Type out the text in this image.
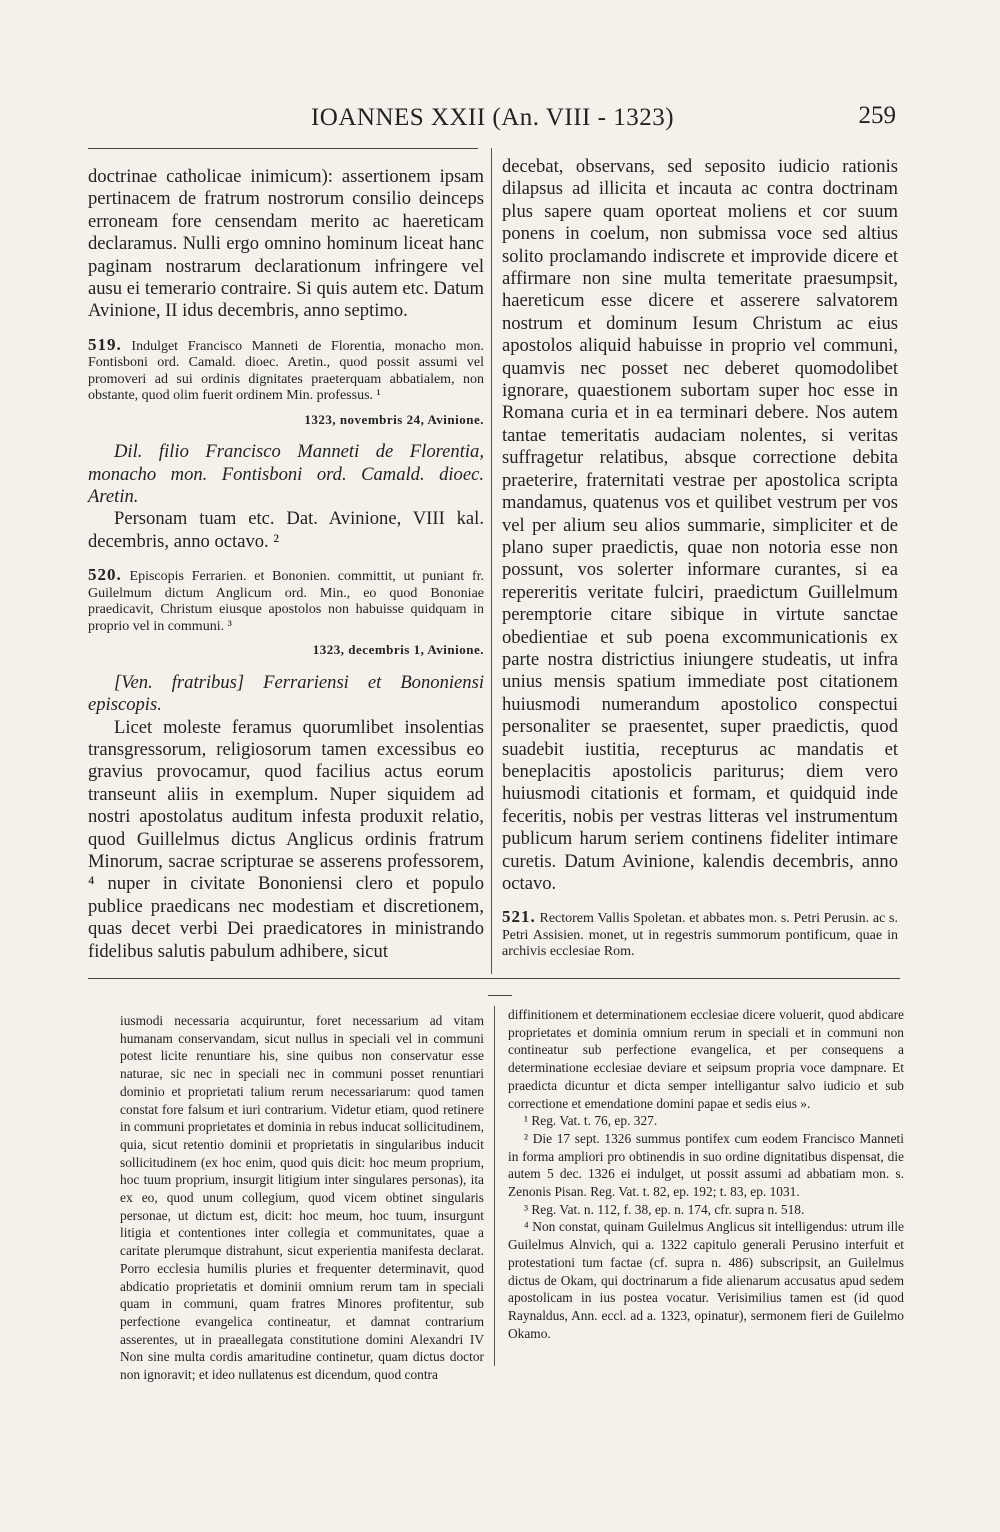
IOANNES XXII (An. VIII - 1323)	259

doctrinae catholicae inimicum): assertionem ipsam pertinacem de fratrum nostrorum consilio deinceps erroneam fore censendam merito ac haereticam declaramus. Nulli ergo omnino hominum liceat hanc paginam nostrarum declarationum infringere vel ausu ei temerario contraire. Si quis autem etc. Datum Avinione, II idus decembris, anno septimo.

519. Indulget Francisco Manneti de Florentia, monacho mon. Fontisboni ord. Camald. dioec. Aretin., quod possit assumi vel promoveri ad sui ordinis dignitates praeterquam abbatialem, non obstante, quod olim fuerit ordinem Min. professus. ¹
1323, novembris 24, Avinione.

Dil. filio Francisco Manneti de Florentia, monacho mon. Fontisboni ord. Camald. dioec. Aretin.

Personam tuam etc. Dat. Avinione, VIII kal. decembris, anno octavo. ²

520. Episcopis Ferrarien. et Bononien. committit, ut puniant fr. Guilelmum dictum Anglicum ord. Min., eo quod Bononiae praedicavit, Christum eiusque apostolos non habuisse quidquam in proprio vel in communi. ³
1323, decembris 1, Avinione.

[Ven. fratribus] Ferrariensi et Bononiensi episcopis.

Licet moleste feramus quorumlibet insolentias transgressorum, religiosorum tamen excessibus eo gravius provocamur, quod facilius actus eorum transeunt aliis in exemplum. Nuper siquidem ad nostri apostolatus auditum infesta produxit relatio, quod Guillelmus dictus Anglicus ordinis fratrum Minorum, sacrae scripturae se asserens professorem, ⁴ nuper in civitate Bononiensi clero et populo publice praedicans nec modestiam et discretionem, quas decet verbi Dei praedicatores in ministrando fidelibus salutis pabulum adhibere, sicut

decebat, observans, sed seposito iudicio rationis dilapsus ad illicita et incauta ac contra doctrinam plus sapere quam oporteat moliens et cor suum ponens in coelum, non submissa voce sed altius solito proclamando indiscrete et improvide dicere et affirmare non sine multa temeritate praesumpsit, haereticum esse dicere et asserere salvatorem nostrum et dominum Iesum Christum ac eius apostolos aliquid habuisse in proprio vel communi, quamvis nec posset nec deberet quomodolibet ignorare, quaestionem subortam super hoc esse in Romana curia et in ea terminari debere. Nos autem tantae temeritatis audaciam nolentes, si veritas suffragetur relatibus, absque correctione debita praeterire, fraternitati vestrae per apostolica scripta mandamus, quatenus vos et quilibet vestrum per vos vel per alium seu alios summarie, simpliciter et de plano super praedictis, quae non notoria esse non possunt, vos solerter informare curantes, si ea repereritis veritate fulciri, praedictum Guillelmum peremptorie citare sibique in virtute sanctae obedientiae et sub poena excommunicationis ex parte nostra districtius iniungere studeatis, ut infra unius mensis spatium immediate post citationem huiusmodi numerandum apostolico conspectui personaliter se praesentet, super praedictis, quod suadebit iustitia, recepturus ac mandatis et beneplacitis apostolicis pariturus; diem vero huiusmodi citationis et formam, et quidquid inde feceritis, nobis per vestras litteras vel instrumentum publicum harum seriem continens fideliter intimare curetis. Datum Avinione, kalendis decembris, anno octavo.

521. Rectorem Vallis Spoletan. et abbates mon. s. Petri Perusin. ac s. Petri Assisien. monet, ut in regestris summorum pontificum, quae in archivis ecclesiae Rom.

iusmodi necessaria acquiruntur, foret necessarium ad vitam humanam conservandam, sicut nullus in speciali vel in communi potest licite renuntiare his, sine quibus non conservatur esse naturae, sic nec in speciali nec in communi posset renuntiari dominio et proprietati talium rerum necessariarum: quod tamen constat fore falsum et iuri contrarium. Videtur etiam, quod retinere in communi proprietates et dominia in rebus inducat sollicitudinem, quia, sicut retentio dominii et proprietatis in singularibus inducit sollicitudinem (ex hoc enim, quod quis dicit: hoc meum proprium, hoc tuum proprium, insurgit litigium inter singulares personas), ita ex eo, quod unum collegium, quod vicem obtinet singularis personae, ut dictum est, dicit: hoc meum, hoc tuum, insurgunt litigia et contentiones inter collegia et communitates, quae a caritate plerumque distrahunt, sicut experientia manifesta declarat. Porro ecclesia humilis pluries et frequenter determinavit, quod abdicatio proprietatis et dominii omnium rerum tam in speciali quam in communi, quam fratres Minores profitentur, sub perfectione evangelica contineatur, et damnat contrarium asserentes, ut in praeallegata constitutione domini Alexandri IV Non sine multa cordis amaritudine continetur, quam dictus doctor non ignoravit; et ideo nullatenus est dicendum, quod contra

diffinitionem et determinationem ecclesiae dicere voluerit, quod abdicare proprietates et dominia omnium rerum in speciali et in communi non contineatur sub perfectione evangelica, et per consequens a determinatione ecclesiae deviare et seipsum propria voce dampnare. Et praedicta dicuntur et dicta semper intelligantur salvo iudicio et sub correctione et emendatione domini papae et sedis eius ».

¹ Reg. Vat. t. 76, ep. 327.

² Die 17 sept. 1326 summus pontifex cum eodem Francisco Manneti in forma ampliori pro obtinendis in suo ordine dignitatibus dispensat, die autem 5 dec. 1326 ei indulget, ut possit assumi ad abbatiam mon. s. Zenonis Pisan. Reg. Vat. t. 82, ep. 192; t. 83, ep. 1031.

³ Reg. Vat. n. 112, f. 38, ep. n. 174, cfr. supra n. 518.

⁴ Non constat, quinam Guilelmus Anglicus sit intelligendus: utrum ille Guilelmus Alnvich, qui a. 1322 capitulo generali Perusino interfuit et protestationi tum factae (cf. supra n. 486) subscripsit, an Guilelmus dictus de Okam, qui doctrinarum a fide alienarum accusatus apud sedem apostolicam in ius postea vocatur. Verisimilius tamen est (id quod Raynaldus, Ann. eccl. ad a. 1323, opinatur), sermonem fieri de Guilelmo Okamo.
